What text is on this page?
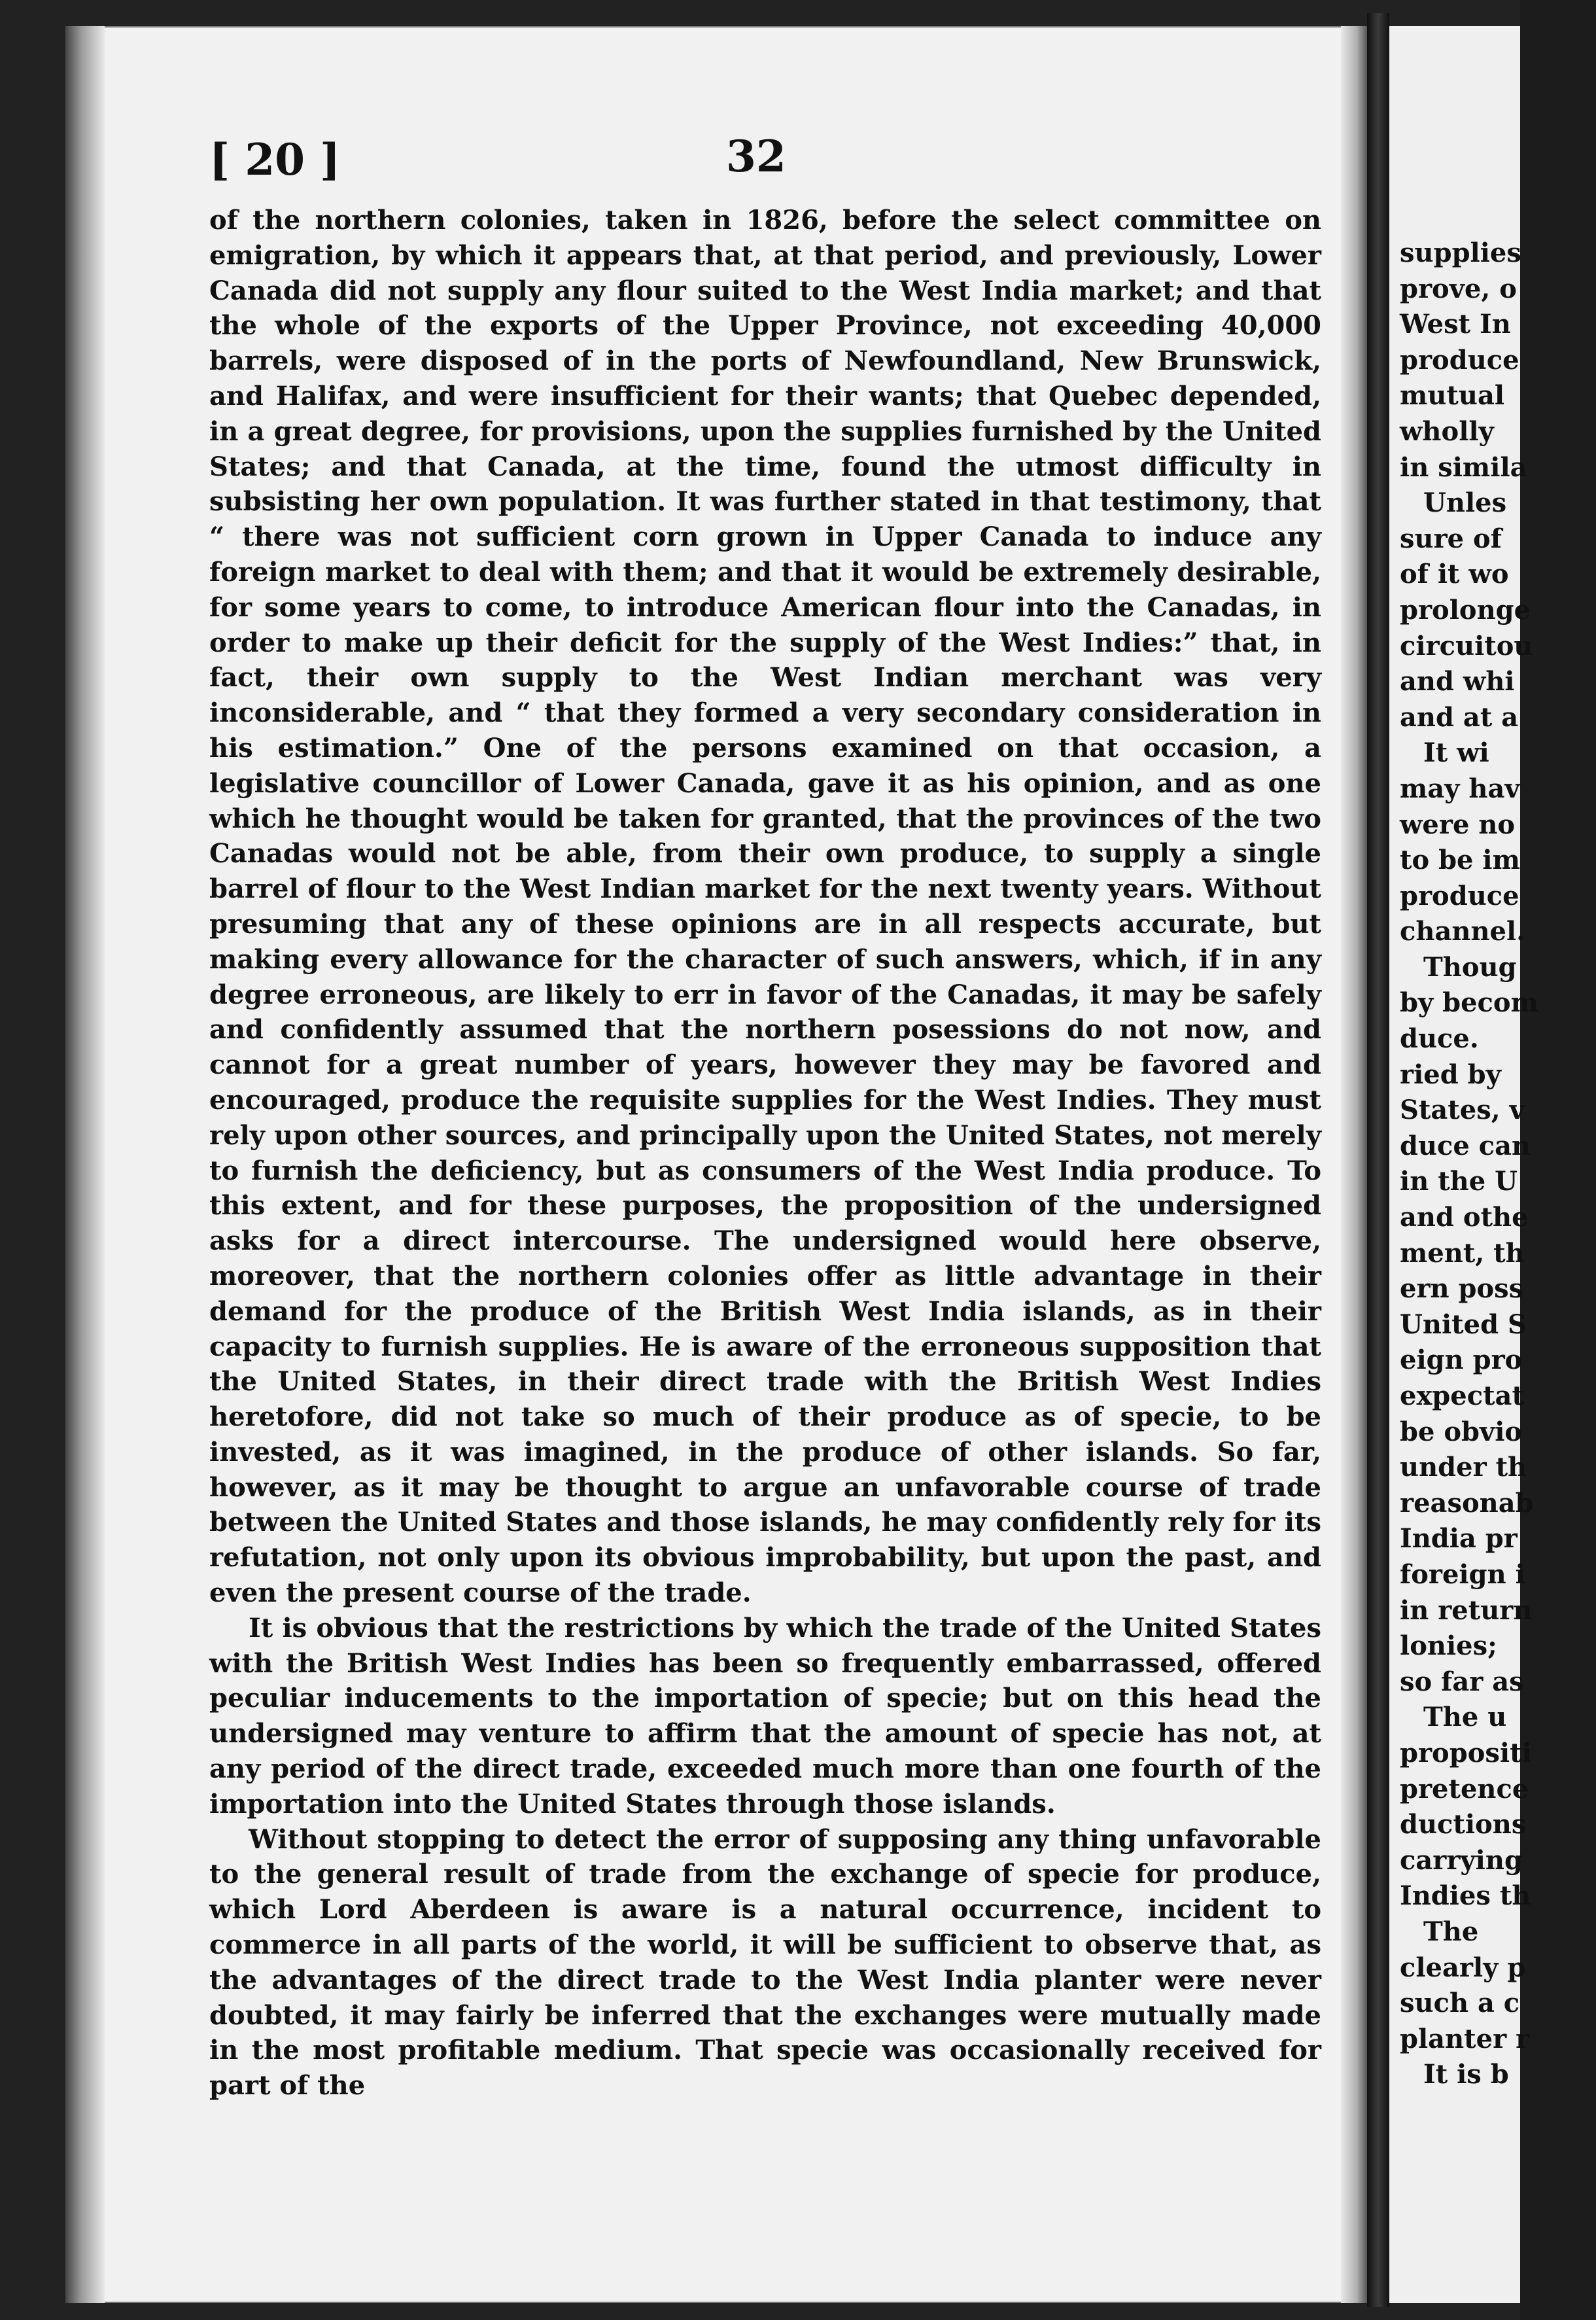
[ 20 ]	32

of the northern colonies, taken in 1826, before the select committee on emigration, by which it appears that, at that period, and previously, Lower Canada did not supply any flour suited to the West India market; and that the whole of the exports of the Upper Province, not exceeding 40,000 barrels, were disposed of in the ports of Newfoundland, New Brunswick, and Halifax, and were insufficient for their wants; that Quebec depended, in a great degree, for provisions, upon the supplies furnished by the United States; and that Canada, at the time, found the utmost difficulty in subsisting her own population. It was further stated in that testimony, that “ there was not sufficient corn grown in Upper Canada to induce any foreign market to deal with them; and that it would be extremely desirable, for some years to come, to introduce American flour into the Canadas, in order to make up their deficit for the supply of the West Indies:” that, in fact, their own supply to the West Indian merchant was very inconsiderable, and “ that they formed a very secondary consideration in his estimation.” One of the persons examined on that occasion, a legislative councillor of Lower Canada, gave it as his opinion, and as one which he thought would be taken for granted, that the provinces of the two Canadas would not be able, from their own produce, to supply a single barrel of flour to the West Indian market for the next twenty years. Without presuming that any of these opinions are in all respects accurate, but making every allowance for the character of such answers, which, if in any degree erroneous, are likely to err in favor of the Canadas, it may be safely and confidently assumed that the northern posessions do not now, and cannot for a great number of years, however they may be favored and encouraged, produce the requisite supplies for the West Indies. They must rely upon other sources, and principally upon the United States, not merely to furnish the deficiency, but as consumers of the West India produce. To this extent, and for these purposes, the proposition of the undersigned asks for a direct intercourse. The undersigned would here observe, moreover, that the northern colonies offer as little advantage in their demand for the produce of the British West India islands, as in their capacity to furnish supplies. He is aware of the erroneous supposition that the United States, in their direct trade with the British West Indies heretofore, did not take so much of their produce as of specie, to be invested, as it was imagined, in the produce of other islands. So far, however, as it may be thought to argue an unfavorable course of trade between the United States and those islands, he may confidently rely for its refutation, not only upon its obvious improbability, but upon the past, and even the present course of the trade.

It is obvious that the restrictions by which the trade of the United States with the British West Indies has been so frequently embarrassed, offered peculiar inducements to the importation of specie; but on this head the undersigned may venture to affirm that the amount of specie has not, at any period of the direct trade, exceeded much more than one fourth of the importation into the United States through those islands.

Without stopping to detect the error of supposing any thing unfavorable to the general result of trade from the exchange of specie for produce, which Lord Aberdeen is aware is a natural occurrence, incident to commerce in all parts of the world, it will be sufficient to observe that, as the advantages of the direct trade to the West India planter were never doubted, it may fairly be inferred that the exchanges were mutually made in the most profitable medium. That specie was occasionally received for part of the

supplies
prove, o
West In
produce
mutual
wholly
in simila
Unles
sure of
of it wo
prolonge
circuitou
and whi
and at a
It wi
may hav
were no
to be im
produce
channel.
Thoug
by becom
duce.
ried by
States, v
duce can
in the U
and othe
ment, th
ern poss
United S
eign pro
expectat
be obvio
under th
reasonab
India pr
foreign i
in return
lonies;
so far as
The u
propositi
pretence
ductions
carrying
Indies th
The
clearly p
such a c
planter r
It is b
